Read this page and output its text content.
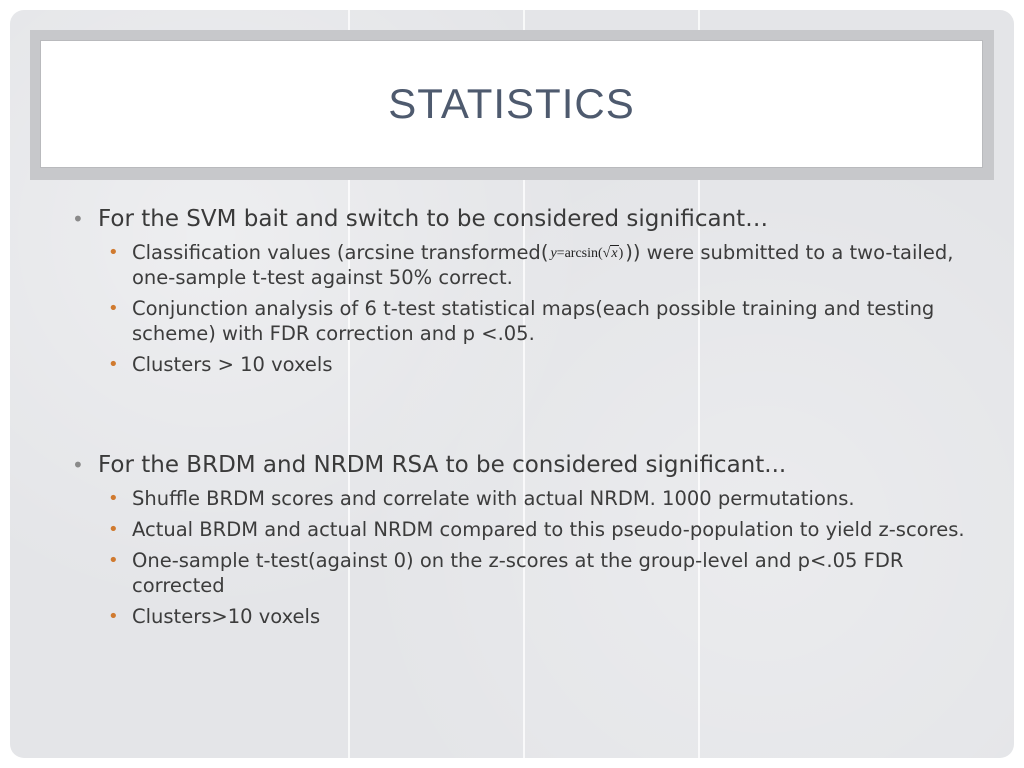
STATISTICS
• For the SVM bait and switch to be considered significant…
• Classification values (arcsine transformed( y=arcsin(√x) )) were submitted to a two-tailed, one-sample t-test against 50% correct.
• Conjunction analysis of 6 t-test statistical maps(each possible training and testing scheme) with FDR correction and p <.05.
• Clusters > 10 voxels
• For the BRDM and NRDM RSA to be considered significant...
• Shuffle BRDM scores and correlate with actual NRDM. 1000 permutations.
• Actual BRDM and actual NRDM compared to this pseudo-population to yield z-scores.
• One-sample t-test(against 0) on the z-scores at the group-level and p<.05 FDR corrected
• Clusters>10 voxels
